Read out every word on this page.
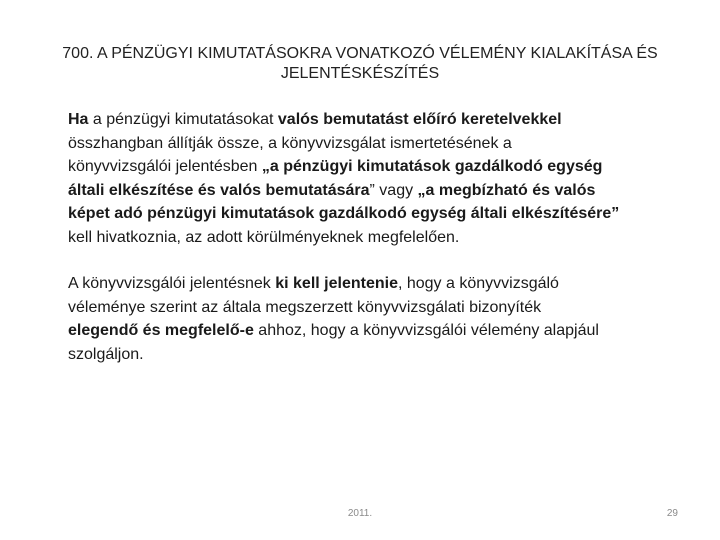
700. A PÉNZÜGYI KIMUTATÁSOKRA VONATKOZÓ VÉLEMÉNY KIALAKÍTÁSA ÉS
JELENTÉSKÉSZÍTÉS

Ha a pénzügyi kimutatásokat valós bemutatást előíró keretelvekkel
összhangban állítják össze, a könyvvizsgálat ismertetésének a
könyvvizsgálói jelentésben „a pénzügyi kimutatások gazdálkodó egység
általi elkészítése és valós bemutatására” vagy „a megbízható és valós
képet adó pénzügyi kimutatások gazdálkodó egység általi elkészítésére”
kell hivatkoznia, az adott körülményeknek megfelelően.

A könyvvizsgálói jelentésnek ki kell jelentenie, hogy a könyvvizsgáló
véleménye szerint az általa megszerzett könyvvizsgálati bizonyíték
elegendő és megfelelő-e ahhoz, hogy a könyvvizsgálói vélemény alapjául
szolgáljon.

2011.	29
